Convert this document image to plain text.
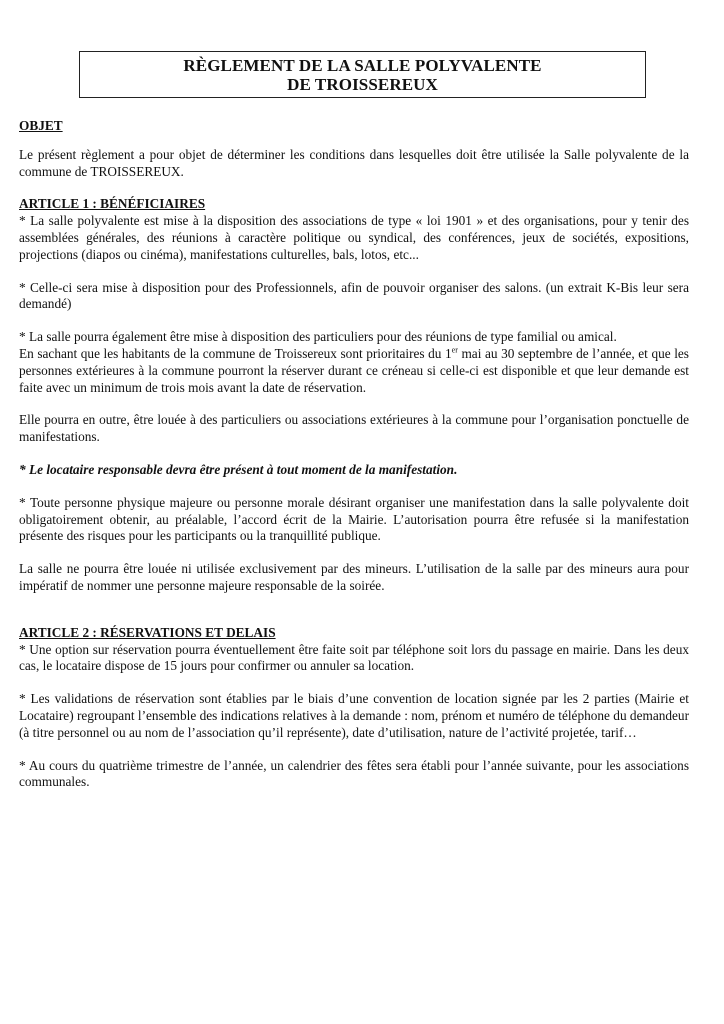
RÈGLEMENT DE LA SALLE POLYVALENTE
DE TROISSEREUX

OBJET

Le présent règlement a pour objet de déterminer les conditions dans lesquelles doit être utilisée la Salle polyvalente de la commune de TROISSEREUX.

ARTICLE 1 : BÉNÉFICIAIRES

* La salle polyvalente est mise à la disposition des associations de type « loi 1901 » et des organisations, pour y tenir des assemblées générales, des réunions à caractère politique ou syndical, des conférences, jeux de sociétés, expositions, projections (diapos ou cinéma), manifestations culturelles, bals, lotos, etc...

* Celle-ci sera mise à disposition pour des Professionnels, afin de pouvoir organiser des salons. (un extrait K-Bis leur sera demandé)

* La salle pourra également être mise à disposition des particuliers pour des réunions de type familial ou amical.

En sachant que les habitants de la commune de Troissereux sont prioritaires du 1er mai au 30 septembre de l’année, et que les personnes extérieures à la commune pourront la réserver durant ce créneau si celle-ci est disponible et que leur demande est faite avec un minimum de trois mois avant la date de réservation.

Elle pourra en outre, être louée à des particuliers ou associations extérieures à la commune pour l’organisation ponctuelle de manifestations.

* Le locataire responsable devra être présent à tout moment de la manifestation.

* Toute personne physique majeure ou personne morale désirant organiser une manifestation dans la salle polyvalente doit obligatoirement obtenir, au préalable, l’accord écrit de la Mairie. L’autorisation pourra être refusée si la manifestation présente des risques pour les participants ou la tranquillité publique.

La salle ne pourra être louée ni utilisée exclusivement par des mineurs. L’utilisation de la salle par des mineurs aura pour impératif de nommer une personne majeure responsable de la soirée.

ARTICLE 2 : RÉSERVATIONS ET DELAIS

* Une option sur réservation pourra éventuellement être faite soit par téléphone soit lors du passage en mairie. Dans les deux cas, le locataire dispose de 15 jours pour confirmer ou annuler sa location.

* Les validations de réservation sont établies par le biais d’une convention de location signée par les 2 parties (Mairie et Locataire) regroupant l’ensemble des indications relatives à la demande : nom, prénom et numéro de téléphone du demandeur (à titre personnel ou au nom de l’association qu’il représente), date d’utilisation, nature de l’activité projetée, tarif…

* Au cours du quatrième trimestre de l’année, un calendrier des fêtes sera établi pour l’année suivante, pour les associations communales.
